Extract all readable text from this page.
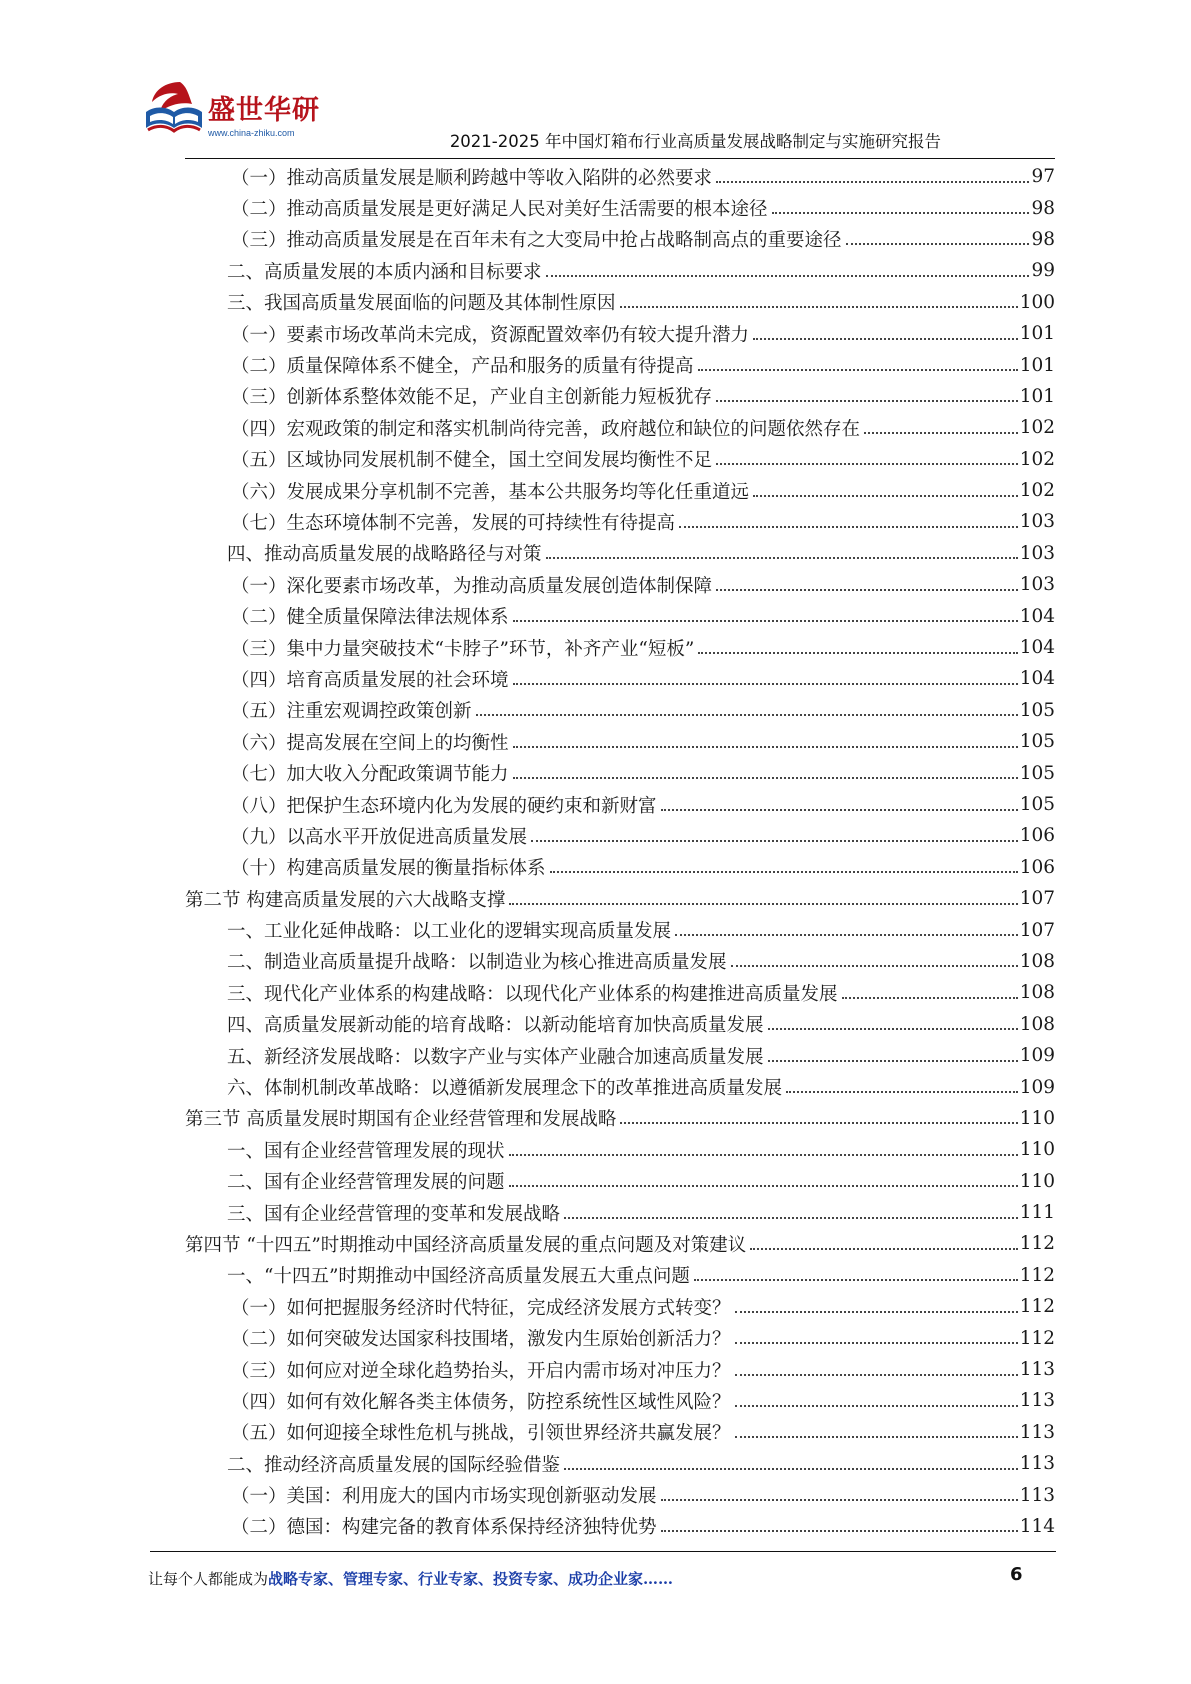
盛世华研
www.china-zhiku.com	2021-2025 年中国灯箱布行业高质量发展战略制定与实施研究报告
（一）推动高质量发展是顺利跨越中等收入陷阱的必然要求	97
（二）推动高质量发展是更好满足人民对美好生活需要的根本途径	98
（三）推动高质量发展是在百年未有之大变局中抢占战略制高点的重要途径	98
二、高质量发展的本质内涵和目标要求	99
三、我国高质量发展面临的问题及其体制性原因	100
（一）要素市场改革尚未完成，资源配置效率仍有较大提升潜力	101
（二）质量保障体系不健全，产品和服务的质量有待提高	101
（三）创新体系整体效能不足，产业自主创新能力短板犹存	101
（四）宏观政策的制定和落实机制尚待完善，政府越位和缺位的问题依然存在	102
（五）区域协同发展机制不健全，国土空间发展均衡性不足	102
（六）发展成果分享机制不完善，基本公共服务均等化任重道远	102
（七）生态环境体制不完善，发展的可持续性有待提高	103
四、推动高质量发展的战略路径与对策	103
（一）深化要素市场改革，为推动高质量发展创造体制保障	103
（二）健全质量保障法律法规体系	104
（三）集中力量突破技术“卡脖子”环节，补齐产业“短板”	104
（四）培育高质量发展的社会环境	104
（五）注重宏观调控政策创新	105
（六）提高发展在空间上的均衡性	105
（七）加大收入分配政策调节能力	105
（八）把保护生态环境内化为发展的硬约束和新财富	105
（九）以高水平开放促进高质量发展	106
（十）构建高质量发展的衡量指标体系	106
第二节 构建高质量发展的六大战略支撑	107
一、工业化延伸战略：以工业化的逻辑实现高质量发展	107
二、制造业高质量提升战略：以制造业为核心推进高质量发展	108
三、现代化产业体系的构建战略：以现代化产业体系的构建推进高质量发展	108
四、高质量发展新动能的培育战略：以新动能培育加快高质量发展	108
五、新经济发展战略：以数字产业与实体产业融合加速高质量发展	109
六、体制机制改革战略：以遵循新发展理念下的改革推进高质量发展	109
第三节 高质量发展时期国有企业经营管理和发展战略	110
一、国有企业经营管理发展的现状	110
二、国有企业经营管理发展的问题	110
三、国有企业经营管理的变革和发展战略	111
第四节 “十四五”时期推动中国经济高质量发展的重点问题及对策建议	112
一、“十四五”时期推动中国经济高质量发展五大重点问题	112
（一）如何把握服务经济时代特征，完成经济发展方式转变？	112
（二）如何突破发达国家科技围堵，激发内生原始创新活力？	112
（三）如何应对逆全球化趋势抬头，开启内需市场对冲压力？	113
（四）如何有效化解各类主体债务，防控系统性区域性风险？	113
（五）如何迎接全球性危机与挑战，引领世界经济共赢发展？	113
二、推动经济高质量发展的国际经验借鉴	113
（一）美国：利用庞大的国内市场实现创新驱动发展	113
（二）德国：构建完备的教育体系保持经济独特优势	114
让每个人都能成为战略专家、管理专家、行业专家、投资专家、成功企业家……	6
